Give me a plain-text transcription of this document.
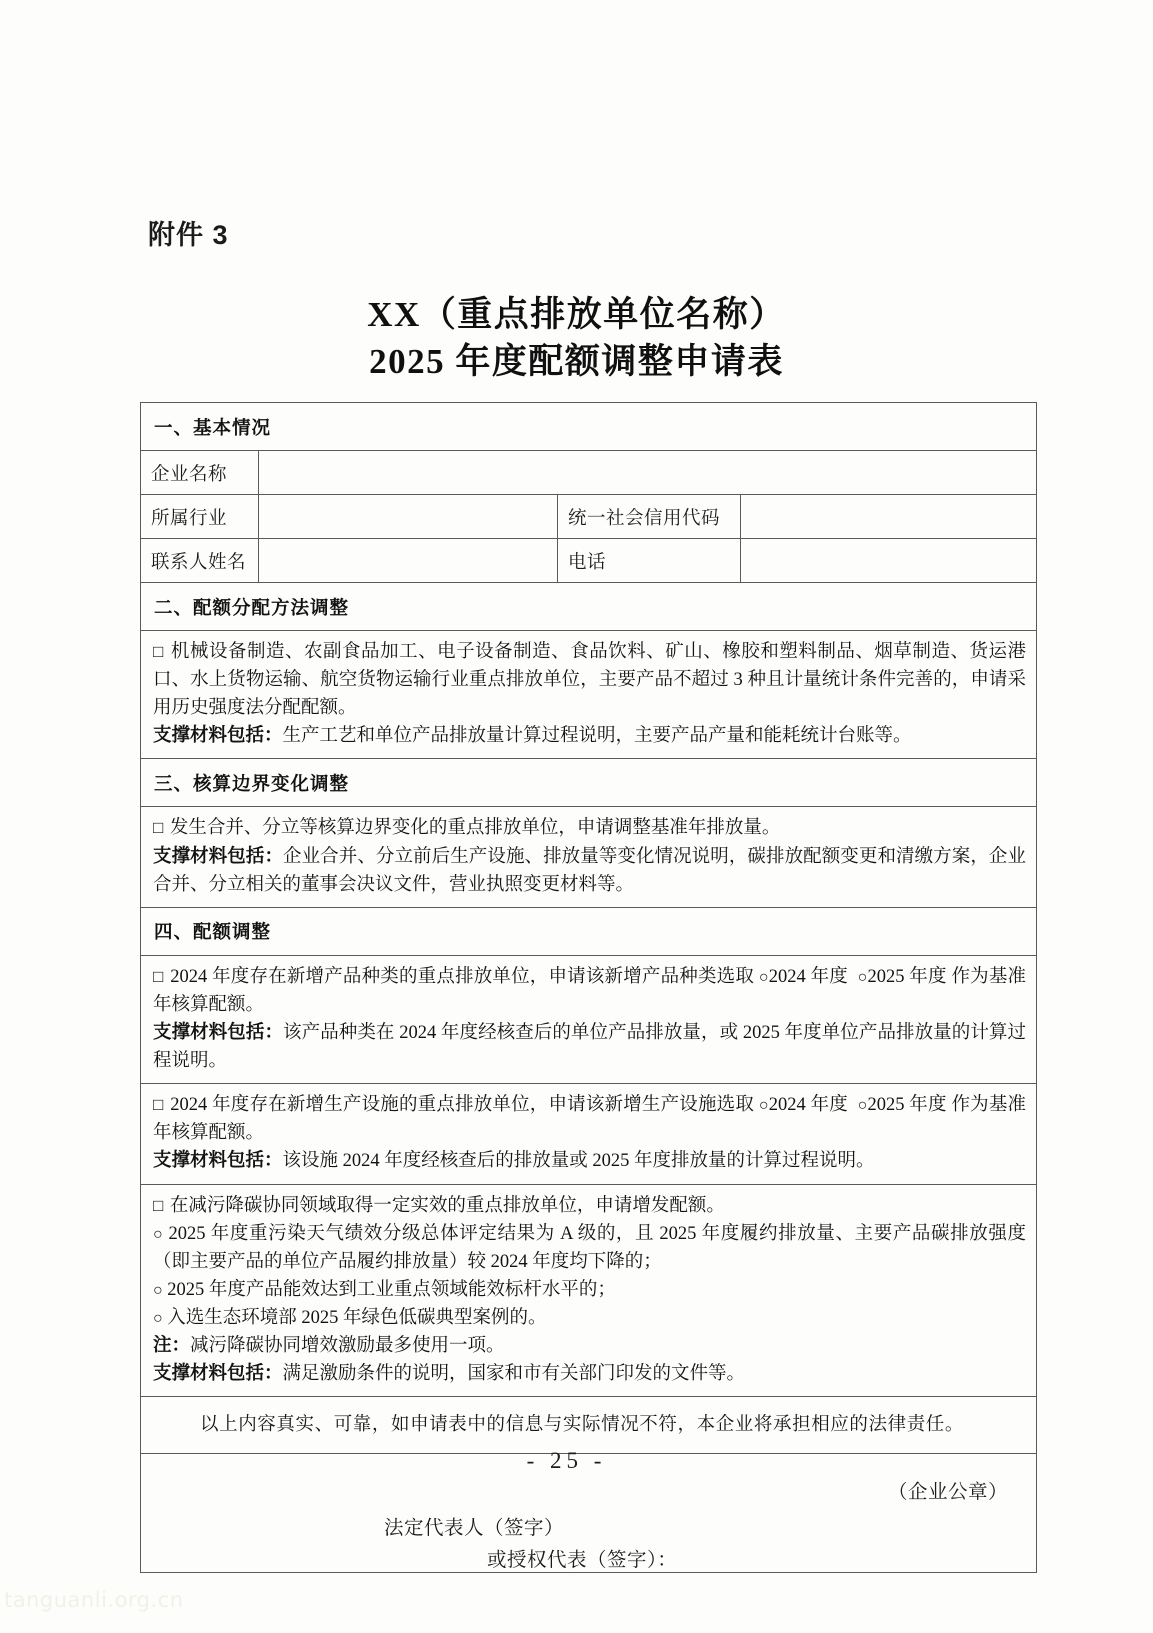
附件 3
XX（重点排放单位名称）
2025 年度配额调整申请表
一、基本情况			
企业名称			
所属行业		统一社会信用代码	
联系人姓名		电话	
二、配额分配方法调整			

□ 机械设备制造、农副食品加工、电子设备制造、食品饮料、矿山、橡胶和塑料制品、烟草制造、货运港口、水上货物运输、航空货物运输行业重点排放单位，主要产品不超过 3 种且计量统计条件完善的，申请采用历史强度法分配配额。

支撑材料包括：生产工艺和单位产品排放量计算过程说明，主要产品产量和能耗统计台账等。			

三、核算边界变化调整			

□ 发生合并、分立等核算边界变化的重点排放单位，申请调整基准年排放量。

支撑材料包括：企业合并、分立前后生产设施、排放量等变化情况说明，碳排放配额变更和清缴方案，企业合并、分立相关的董事会决议文件，营业执照变更材料等。			

四、配额调整			

□ 2024 年度存在新增产品种类的重点排放单位，申请该新增产品种类选取 ○2024 年度 ○2025 年度 作为基准年核算配额。

支撑材料包括：该产品种类在 2024 年度经核查后的单位产品排放量，或 2025 年度单位产品排放量的计算过程说明。			

□ 2024 年度存在新增生产设施的重点排放单位，申请该新增生产设施选取 ○2024 年度 ○2025 年度 作为基准年核算配额。

支撑材料包括：该设施 2024 年度经核查后的排放量或 2025 年度排放量的计算过程说明。			

□ 在减污降碳协同领域取得一定实效的重点排放单位，申请增发配额。

○ 2025 年度重污染天气绩效分级总体评定结果为 A 级的，且 2025 年度履约排放量、主要产品碳排放强度（即主要产品的单位产品履约排放量）较 2024 年度均下降的；

○ 2025 年度产品能效达到工业重点领域能效标杆水平的；

○ 入选生态环境部 2025 年绿色低碳典型案例的。

注：减污降碳协同增效激励最多使用一项。

支撑材料包括：满足激励条件的说明，国家和市有关部门印发的文件等。

以上内容真实、可靠，如申请表中的信息与实际情况不符，本企业将承担相应的法律责任。			

（企业公章）
法定代表人（签字）
或授权代表（签字）：			
- 25 -
tanguanli.org.cn
